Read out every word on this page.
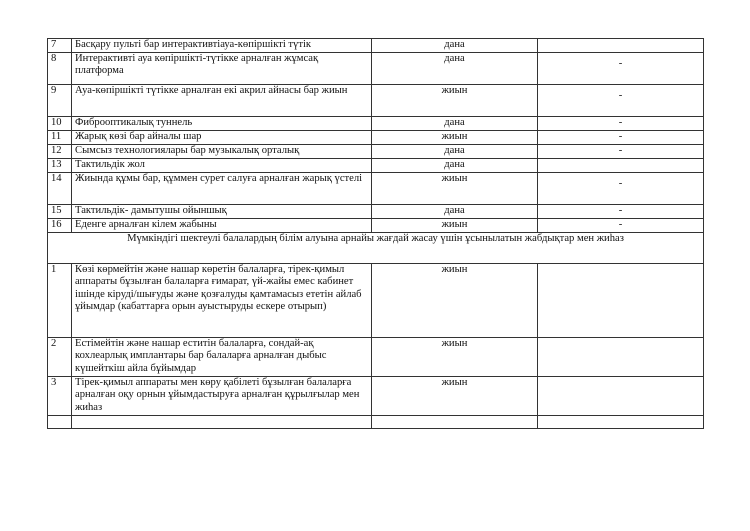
7	Басқару пульті бар интерактивтіауа-көпіршікті түтік	дана	
8	Интерактивті ауа көпіршікті-түтікке арналған жұмсақ платформа	дана	-
9	Ауа-көпіршікті түтікке арналған екі акрил айнасы бар жиын	жиын	-
10	Фиброоптикалық туннель	дана	-
11	Жарық көзі бар айналы шар	жиын	-
12	Сымсыз технологиялары бар музыкалық орталық	дана	-
13	Тактильдік жол	дана	
14	Жиында құмы бар, құммен сурет салуға арналған жарық үстелі	жиын	-
15	Тактильдік- дамытушы ойыншық	дана	-
16	Еденге арналған кілем жабыны	жиын	-
Мүмкіндігі шектеулі балалардың білім алуына арнайы жағдай жасау үшін ұсынылатын жабдықтар мен жиһаз			
1	Көзі көрмейтін және нашар көретін балаларға, тірек-қимыл аппараты бұзылған балаларға ғимарат, үй-жайы емес кабинет ішінде кіруді/шығуды және қозғалуды қамтамасыз ететін айлаб ұйымдар (кабаттарға орын ауыстыруды ескере отырып)	жиын	
2	Естімейтін және нашар еститін балаларға, сондай-ақ кохлеарлық имплантары бар балаларға арналған дыбыс күшейткіш айла бұйымдар	жиын	
3	Тірек-қимыл аппараты мен көру қабілеті бұзылған балаларға арналған оқу орнын ұйымдастыруға арналған құрылғылар мен жиһаз	жиын	
